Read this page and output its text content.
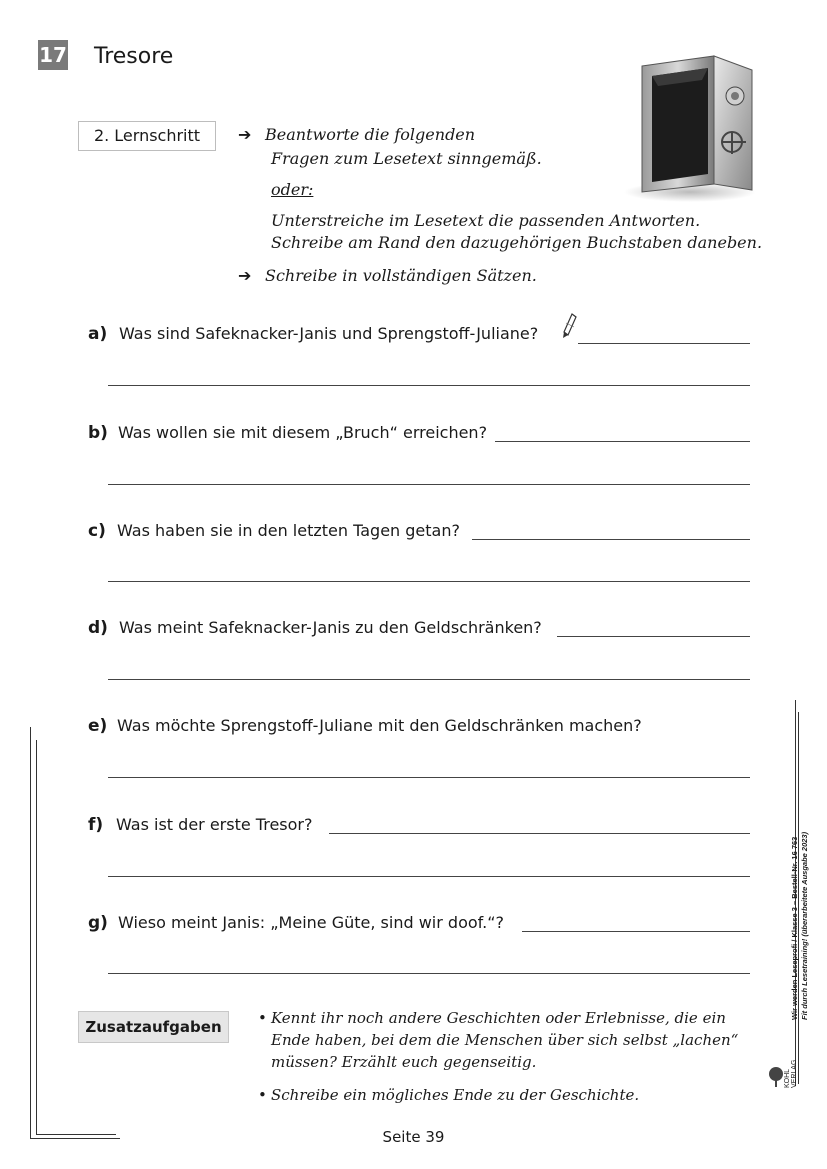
17 Tresore
2. Lernschritt	➔ Beantworte die folgenden
Fragen zum Lesetext sinngemäß.
oder:
Unterstreiche im Lesetext die passenden Antworten.
Schreibe am Rand den dazugehörigen Buchstaben daneben.
➔ Schreibe in vollständigen Sätzen.
a) Was sind Safeknacker-Janis und Sprengstoff-Juliane?
b) Was wollen sie mit diesem „Bruch“ erreichen?
c) Was haben sie in den letzten Tagen getan?
d) Was meint Safeknacker-Janis zu den Geldschränken?
e) Was möchte Sprengstoff-Juliane mit den Geldschränken machen?
f) Was ist der erste Tresor?
g) Wieso meint Janis: „Meine Güte, sind wir doof.“?
Zusatzaufgaben	• Kennt ihr noch andere Geschichten oder Erlebnisse, die ein
Ende haben, bei dem die Menschen über sich selbst „lachen“
müssen? Erzählt euch gegenseitig.
• Schreibe ein mögliches Ende zu der Geschichte.
Wir werden Leseprofi / Klasse 3 – Bestell-Nr. 16 763 Fit durch Lesetraining! (überarbeitete Ausgabe 2023)
KOHL VERLAG
Seite 39
